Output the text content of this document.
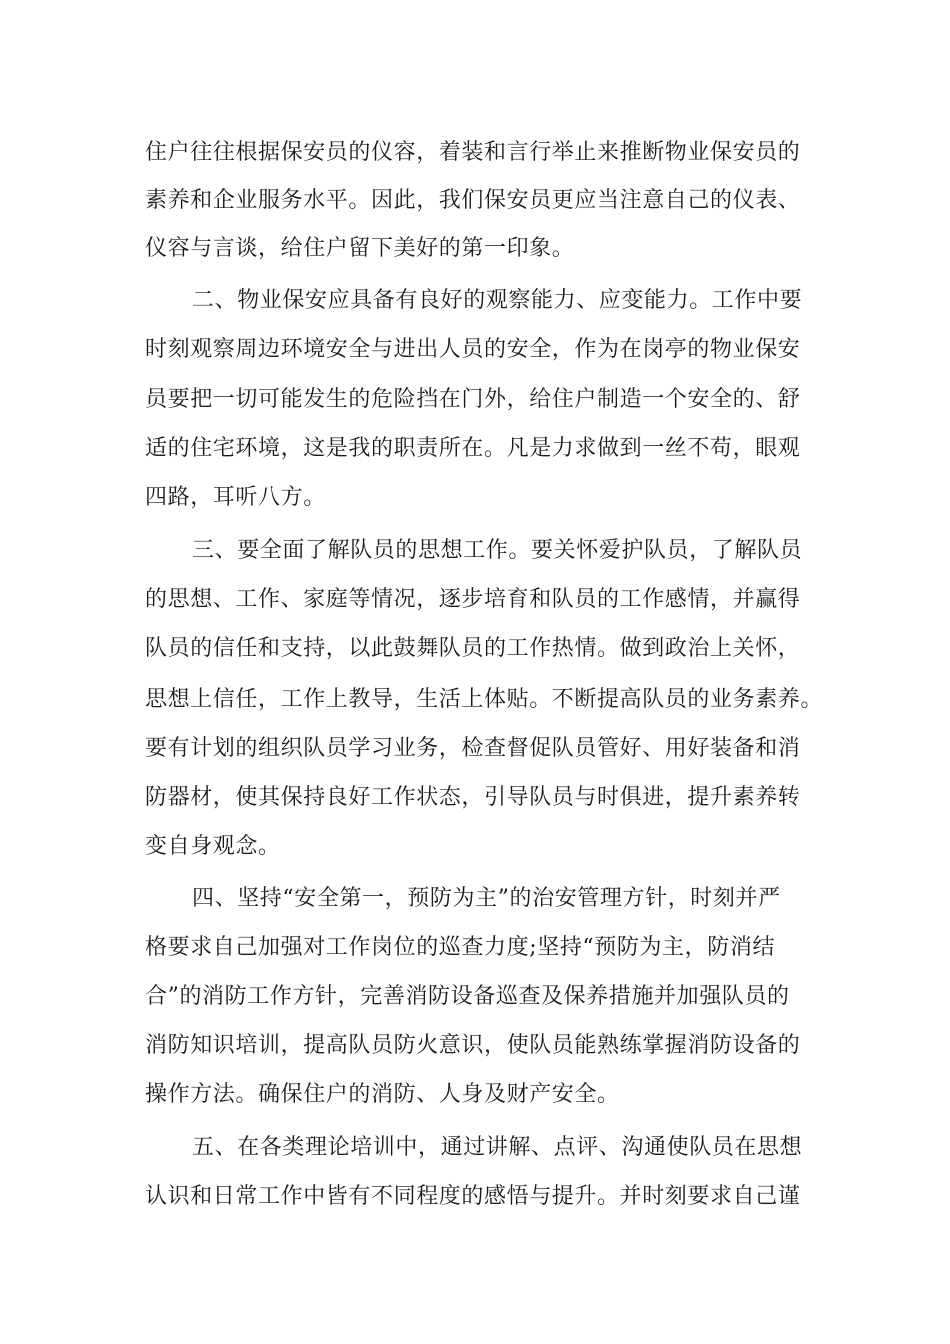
住户往往根据保安员的仪容，着装和言行举止来推断物业保安员的
素养和企业服务水平。因此，我们保安员更应当注意自己的仪表、
仪容与言谈，给住户留下美好的第一印象。
二、物业保安应具备有良好的观察能力、应变能力。工作中要
时刻观察周边环境安全与进出人员的安全，作为在岗亭的物业保安
员要把一切可能发生的危险挡在门外，给住户制造一个安全的、舒
适的住宅环境，这是我的职责所在。凡是力求做到一丝不苟，眼观
四路，耳听八方。
三、要全面了解队员的思想工作。要关怀爱护队员，了解队员
的思想、工作、家庭等情况，逐步培育和队员的工作感情，并赢得
队员的信任和支持，以此鼓舞队员的工作热情。做到政治上关怀，
思想上信任，工作上教导，生活上体贴。不断提高队员的业务素养。
要有计划的组织队员学习业务，检查督促队员管好、用好装备和消
防器材，使其保持良好工作状态，引导队员与时俱进，提升素养转
变自身观念。
四、坚持“安全第一，预防为主”的治安管理方针，时刻并严
格要求自己加强对工作岗位的巡查力度;坚持“预防为主，防消结
合”的消防工作方针，完善消防设备巡查及保养措施并加强队员的
消防知识培训，提高队员防火意识，使队员能熟练掌握消防设备的
操作方法。确保住户的消防、人身及财产安全。
五、在各类理论培训中，通过讲解、点评、沟通使队员在思想
认识和日常工作中皆有不同程度的感悟与提升。并时刻要求自己谨
